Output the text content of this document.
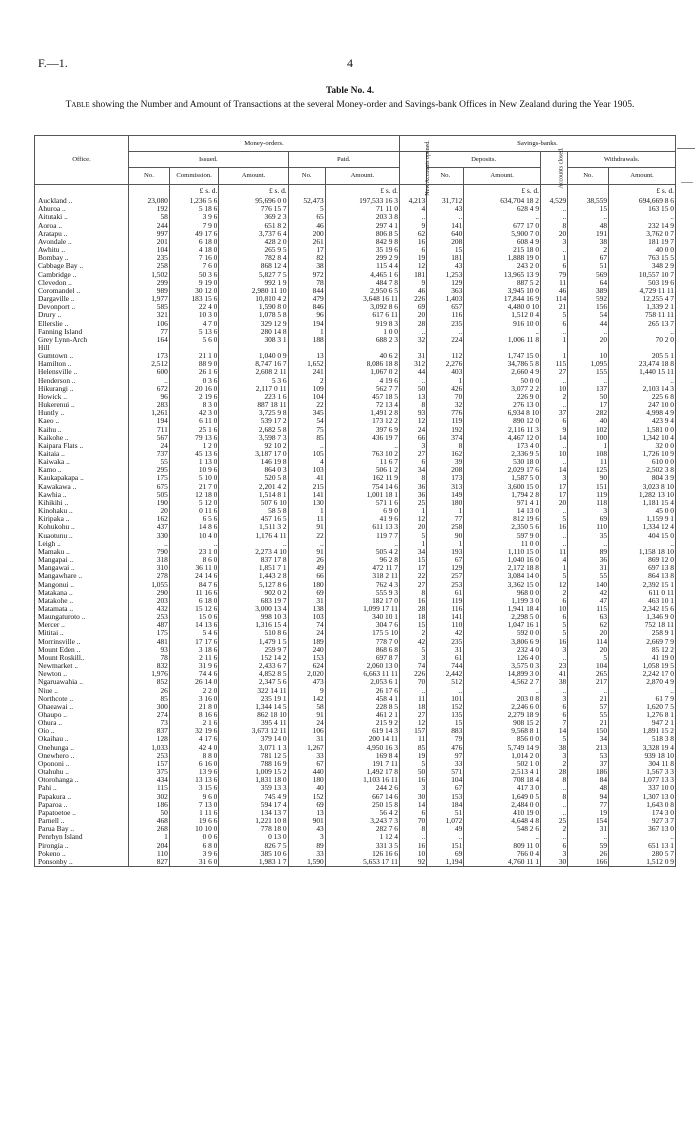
F.—1.	4
Table No. 4.
Table showing the Number and Amount of Transactions at the several Money-order and Savings-bank Offices in New Zealand during the Year 1905.
Office.	Money-orders.					Savings-banks.					
	Issued.			Paid.		New Accounts opened.	Deposits.		Accounts closed.	Withdrawals.	
	No.	Commission.	Amount.	No.	Amount.		No.	Amount.		No.	Amount.
		£ s. d.	£ s. d.		£ s. d.			£ s. d.			£ s. d.
Auckland ..	23,080	1,236 5 6	95,696 0 0	52,473	197,533 16 3	4,213	31,712	634,704 18 2	4,529	38,559	694,669 8 6
Ahuroa ..	192	5 18 6	776 15 7	5	71 11 0	4	43	628 4 9	..	15	163 15 0
Aitutaki ..	58	3 9 6	369 2 3	65	203 3 8	..	..	..	..	..	..
Aoroa ..	244	7 9 0	651 8 2	46	297 4 1	9	141	677 17 0	8	48	232 14 9
Aratapu ..	997	49 17 6	3,737 6 4	200	806 8 5	62	640	5,900 7 0	20	191	3,762 0 7
Avondale ..	201	6 18 0	428 2 0	261	842 9 8	16	208	608 4 9	3	38	181 19 7
Awhitu ..	104	4 18 0	265 9 5	17	35 19 6	6	15	215 18 0	..	2	40 0 0
Bombay ..	235	7 16 0	782 8 4	82	299 2 9	19	181	1,888 19 0	1	67	763 15 5
Cabbage Bay ..	258	7 6 0	868 12 4	38	115 4 4	12	43	243 2 0	6	51	348 2 9
Cambridge ..	1,502	50 3 6	5,827 7 5	972	4,465 1 6	181	1,253	13,965 13 9	79	569	10,557 10 7
Clevedon ..	299	9 19 0	992 1 9	78	484 7 8	9	129	887 5 2	11	64	503 19 6
Coromandel ..	989	30 12 0	2,980 11 10	844	2,950 6 5	46	363	3,945 10 0	46	389	4,729 11 11
Dargaville ..	1,977	183 15 6	10,810 4 2	479	3,648 16 11	226	1,403	17,844 16 9	114	592	12,255 4 7
Devonport ..	585	22 4 0	1,590 8 0	846	3,092 8 6	69	657	4,480 0 10	21	156	1,339 2 1
Drury ..	321	10 3 0	1,078 5 8	96	617 6 11	20	116	1,512 0 4	5	54	758 11 11
Ellerslie ..	106	4 7 0	329 12 9	194	919 8 3	28	235	916 10 0	6	44	265 13 7
Fanning Island	77	5 13 6	280 14 8	1	1 0 0	..	..	..	..	..	..
Grey Lynn-Arch	164	5 6 0	308 3 1	188	688 2 3	32	224	1,006 11 8	1	20	70 2 0
Hill											
Gumtown ..	173	21 1 0	1,040 0 9	13	40 6 2	31	112	1,747 15 0	1	10	205 5 1
Hamilton ..	2,512	88 9 0	8,747 16 7	1,652	8,086 18 8	312	2,276	34,786 5 8	115	1,095	23,474 18 8
Helensville ..	600	26 1 6	2,608 2 11	241	1,067 0 2	44	403	2,660 4 9	27	155	1,440 15 11
Henderson ..	..	0 3 6	5 3 6	2	4 19 6	..	1	50 0 0	..	..	..
Hikurangi ..	672	20 16 0	2,117 0 11	109	562 7 7	50	426	3,077 2 2	10	137	2,103 14 3
Howick ..	96	2 19 6	223 1 6	104	457 18 5	13	70	226 9 0	2	50	225 6 8
Hukerenui ..	283	8 3 0	887 18 11	22	72 13 4	8	32	276 13 0	..	17	247 10 0
Huntly ..	1,261	42 3 0	3,725 9 8	345	1,491 2 8	93	776	6,934 8 10	37	282	4,998 4 9
Kaeo ..	194	6 11 0	539 17 2	54	173 12 2	12	119	890 12 0	6	40	423 9 4
Kaihu ..	711	25 1 6	2,682 5 8	75	397 6 9	24	192	2,116 11 3	9	102	1,581 0 0
Kaikohe ..	567	79 13 6	3,598 7 3	85	436 19 7	66	374	4,467 12 0	14	100	1,342 10 4
Kaipara Flats ..	24	1 2 0	92 10 2	..	..	3	8	173 4 0	..	1	32 0 0
Kaitaia ..	737	45 13 6	3,187 17 0	105	763 10 2	27	162	2,336 9 5	10	108	1,726 10 9
Kaiwaka ..	55	1 13 0	146 19 8	4	11 6 7	6	39	530 18 0	..	11	610 0 0
Kamo ..	295	10 9 6	864 0 3	103	506 1 2	34	208	2,029 17 6	14	125	2,502 3 8
Kaukapakapa ..	175	5 10 0	520 5 8	41	162 11 9	8	173	1,587 5 0	3	90	804 3 9
Kawakawa ..	675	21 7 0	2,201 4 2	215	754 14 6	36	313	3,600 15 0	17	151	3,023 8 10
Kawhia ..	505	12 18 0	1,514 8 1	141	1,001 18 1	36	149	1,794 2 8	17	119	1,282 13 10
Kihikihi ..	190	5 12 0	507 6 10	130	571 1 6	25	180	971 4 1	20	118	1,181 15 4
Kinohaku ..	20	0 11 6	58 5 8	1	6 9 0	1	1	14 13 0	..	3	45 0 0
Kiripaka ..	162	6 5 6	457 16 5	11	41 9 6	12	77	812 19 6	5	69	1,159 9 1
Kohukohu ..	437	14 8 6	1,511 3 2	91	611 13 3	20	258	2,350 5 6	16	110	1,334 12 4
Kuaotunu ..	330	10 4 0	1,176 4 11	22	119 7 7	5	90	597 9 0	..	35	404 15 0
Leigh ..	..	..	..	..	..	1	1	11 0 0	..	..	..
Mamaku ..	790	23 1 0	2,273 4 10	91	505 4 2	34	193	1,110 15 0	11	89	1,158 18 10
Mangapai ..	318	8 6 0	837 17 8	26	96 2 8	15	67	1,040 16 0	4	36	869 12 0
Mangawai ..	310	36 11 0	1,851 7 1	49	472 11 7	17	129	2,172 18 8	1	31	697 13 8
Mangawhare ..	278	24 14 6	1,443 2 8	66	318 2 11	22	257	3,084 14 0	5	55	864 13 8
Mangonui ..	1,055	84 7 6	5,127 8 6	180	762 4 3	27	253	3,362 15 0	12	140	2,392 15 1
Matakana ..	290	11 16 6	902 0 2	69	555 9 3	8	61	968 0 0	2	42	611 0 11
Matakohe ..	203	6 18 0	683 19 7	31	182 17 0	16	119	1,199 3 0	6	47	463 10 1
Matamata ..	432	15 12 6	3,000 13 4	138	1,099 17 11	28	116	1,941 18 4	10	115	2,342 15 6
Maungaturoto ..	253	15 0 6	998 10 3	103	340 10 1	18	141	2,298 5 0	6	63	1,346 9 0
Mercer ..	487	14 13 6	1,316 15 4	74	304 7 6	15	110	1,047 16 1	5	62	752 18 11
Mititai ..	175	5 4 6	510 8 6	24	175 5 10	2	42	592 0 0	5	20	258 9 1
Morrinsville ..	481	17 17 6	1,479 1 5	189	778 7 0	42	235	3,806 6 9	16	114	2,669 7 9
Mount Eden ..	93	3 18 6	259 9 7	240	868 6 8	5	31	232 4 0	3	20	85 12 2
Mount Roskill..	78	2 11 6	152 14 2	153	697 8 7	3	61	126 4 0	..	5	41 19 0
Newmarket ..	832	31 9 6	2,433 6 7	624	2,060 13 0	74	744	3,575 0 3	23	104	1,058 19 5
Newton ..	1,976	74 4 6	4,852 8 5	2,020	6,663 11 11	226	2,442	14,899 3 0	41	265	2,242 17 0
Ngaruawahia ..	852	26 14 0	2,347 5 6	473	2,053 6 1	70	512	4,562 2 7	38	217	2,870 4 9
Niue ..	26	2 2 0	322 14 11	9	26 17 6	..	..	..	..	..	..
Northcote ..	85	3 16 0	235 19 1	142	458 4 1	11	101	203 0 8	3	21	61 7 9
Ohaeawai ..	300	21 8 0	1,344 14 5	58	228 8 5	18	152	2,246 6 0	6	57	1,620 7 5
Ohaupo ..	274	8 16 6	862 18 10	91	461 2 1	27	135	2,279 18 9	6	55	1,276 8 1
Ohura ..	73	2 1 6	395 4 11	24	215 9 2	12	15	908 15 2	7	21	947 2 1
Oio ..	837	32 19 6	3,673 12 11	106	619 14 3	157	883	9,568 8 1	14	150	1,891 15 2
Okaihau ..	128	4 17 6	379 14 0	31	200 14 11	11	79	856 0 0	5	34	518 3 8
Onehunga ..	1,033	42 4 0	3,071 1 3	1,267	4,950 16 3	85	476	5,749 14 9	38	213	3,328 19 4
Onewhero ..	253	8 8 0	781 12 5	33	169 8 4	19	97	1,014 2 0	3	53	939 18 10
Opononi ..	157	6 16 0	788 16 9	67	191 7 11	5	33	502 1 0	2	37	304 11 8
Otahuhu ..	375	13 9 6	1,009 15 2	440	1,492 17 8	50	571	2,513 4 1	28	186	1,567 3 3
Otorohanga ..	434	13 13 6	1,831 18 0	180	1,103 16 11	16	104	708 18 4	8	84	1,077 13 3
Pahi ..	115	3 15 6	359 13 3	40	244 2 6	3	67	417 3 0	..	48	337 10 0
Papakura ..	302	9 6 0	745 4 9	152	667 14 6	30	153	1,649 0 5	8	94	1,307 13 0
Paparoa ..	186	7 13 0	594 17 4	69	250 15 8	14	184	2,484 0 0	..	77	1,643 0 8
Papatoetoe ..	50	1 11 6	134 13 7	13	56 4 2	6	51	410 19 0	..	19	174 3 0
Parnell ..	468	19 6 6	1,221 10 8	901	3,243 7 3	70	1,072	4,648 4 8	25	154	927 3 7
Parua Bay ..	268	10 10 0	778 18 0	43	282 7 6	8	49	548 2 6	2	31	367 13 0
Penrhyn Island	1	0 0 6	0 13 0	3	1 12 4	..	..	..	..	..	..
Pirongia ..	204	6 8 0	826 7 5	89	331 3 5	16	151	809 11 0	6	59	651 13 1
Pokeno ..	110	3 9 6	385 10 6	33	126 16 6	10	69	766 0 4	3	26	280 5 7
Ponsonby ..	827	31 6 0	1,983 1 7	1,590	5,653 17 11	92	1,194	4,760 11 1	30	166	1,512 0 9
